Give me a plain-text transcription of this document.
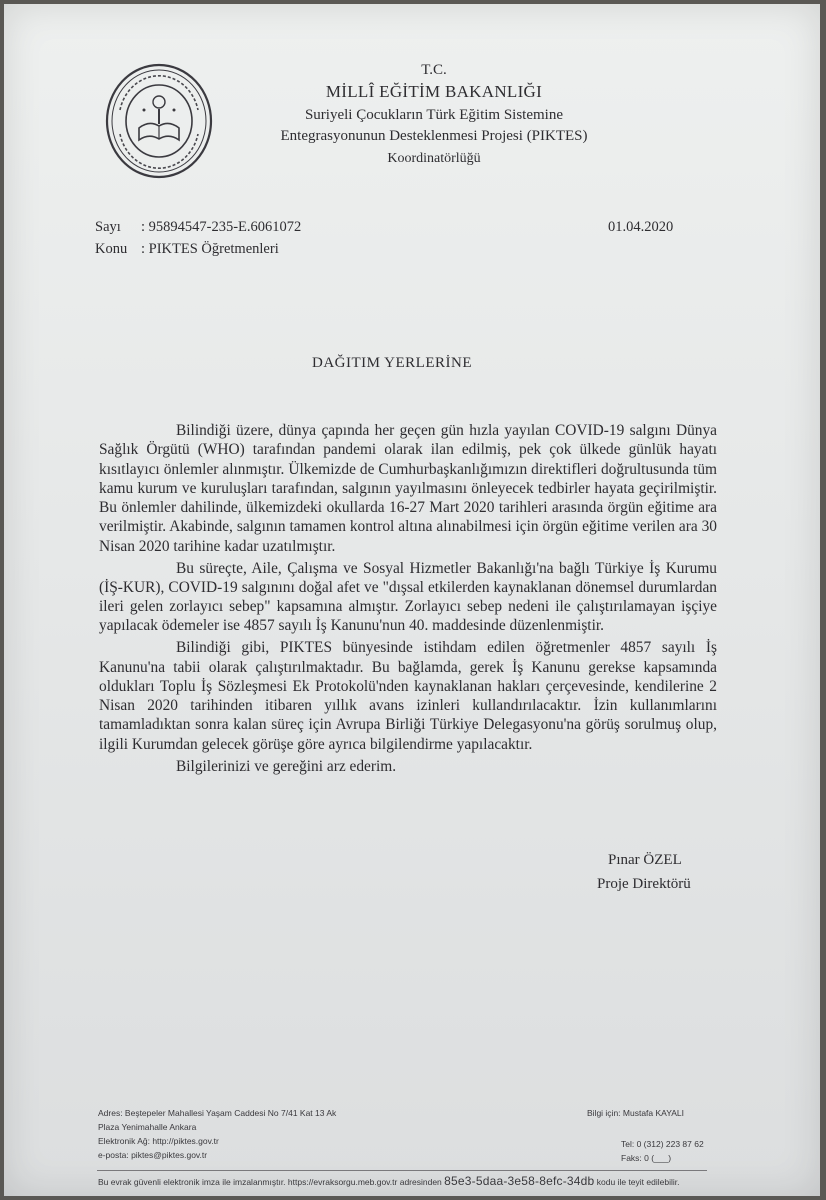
T.C.
MİLLÎ EĞİTİM BAKANLIĞI
Suriyeli Çocukların Türk Eğitim Sistemine
Entegrasyonunun Desteklenmesi Projesi (PIKTES)
Koordinatörlüğü
Sayı : 95894547-235-E.6061072
Konu : PIKTES Öğretmenleri
01.04.2020
DAĞITIM YERLERİNE

Bilindiği üzere, dünya çapında her geçen gün hızla yayılan COVID-19 salgını Dünya Sağlık Örgütü (WHO) tarafından pandemi olarak ilan edilmiş, pek çok ülkede günlük hayatı kısıtlayıcı önlemler alınmıştır. Ülkemizde de Cumhurbaşkanlığımızın direktifleri doğrultusunda tüm kamu kurum ve kuruluşları tarafından, salgının yayılmasını önleyecek tedbirler hayata geçirilmiştir. Bu önlemler dahilinde, ülkemizdeki okullarda 16-27 Mart 2020 tarihleri arasında örgün eğitime ara verilmiştir. Akabinde, salgının tamamen kontrol altına alınabilmesi için örgün eğitime verilen ara 30 Nisan 2020 tarihine kadar uzatılmıştır.

Bu süreçte, Aile, Çalışma ve Sosyal Hizmetler Bakanlığı'na bağlı Türkiye İş Kurumu (İŞ-KUR), COVID-19 salgınını doğal afet ve "dışsal etkilerden kaynaklanan dönemsel durumlardan ileri gelen zorlayıcı sebep" kapsamına almıştır. Zorlayıcı sebep nedeni ile çalıştırılamayan işçiye yapılacak ödemeler ise 4857 sayılı İş Kanunu'nun 40. maddesinde düzenlenmiştir.

Bilindiği gibi, PIKTES bünyesinde istihdam edilen öğretmenler 4857 sayılı İş Kanunu'na tabii olarak çalıştırılmaktadır. Bu bağlamda, gerek İş Kanunu gerekse kapsamında oldukları Toplu İş Sözleşmesi Ek Protokolü'nden kaynaklanan hakları çerçevesinde, kendilerine 2 Nisan 2020 tarihinden itibaren yıllık avans izinleri kullandırılacaktır. İzin kullanımlarını tamamladıktan sonra kalan süreç için Avrupa Birliği Türkiye Delegasyonu'na görüş sorulmuş olup, ilgili Kurumdan gelecek görüşe göre ayrıca bilgilendirme yapılacaktır.

Bilgilerinizi ve gereğini arz ederim.

Pınar ÖZEL
Proje Direktörü
Adres: Beştepeler Mahallesi Yaşam Caddesi No 7/41 Kat 13 Ak
Plaza Yenimahalle Ankara
Elektronik Ağ: http://piktes.gov.tr
e-posta: piktes@piktes.gov.tr
Bilgi için: Mustafa KAYALI
Tel: 0 (312) 223 87 62
Faks: 0 (___)
Bu evrak güvenli elektronik imza ile imzalanmıştır. https://evraksorgu.meb.gov.tr adresinden 85e3-5daa-3e58-8efc-34db kodu ile teyit edilebilir.
